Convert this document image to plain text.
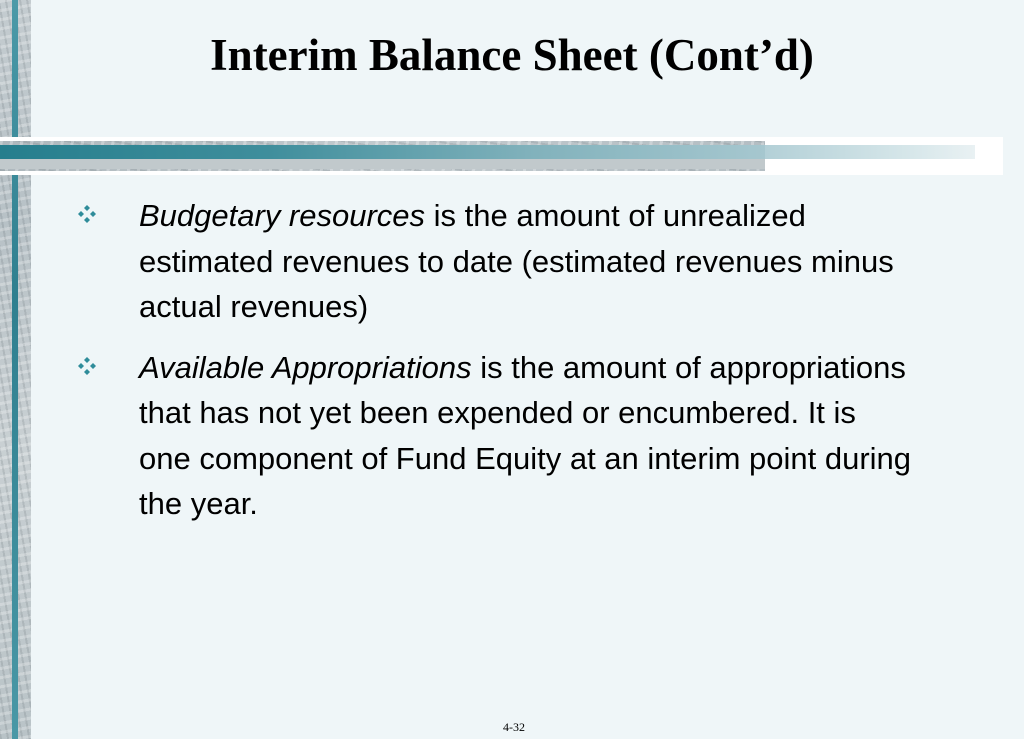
Interim Balance Sheet (Cont’d)
Budgetary resources is the amount of unrealized estimated revenues to date (estimated revenues minus actual revenues)
Available Appropriations is the amount of appropriations that has not yet been expended or encumbered. It is one component of Fund Equity at an interim point during the year.
4-32
